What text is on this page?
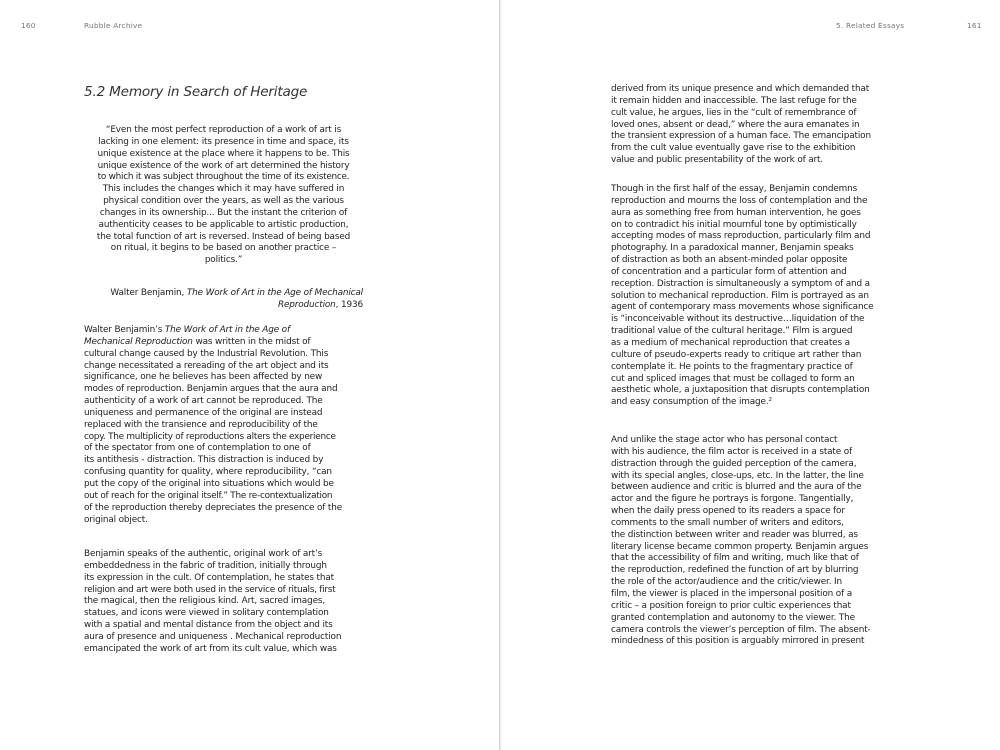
160	Rubble Archive
5.2 Memory in Search of Heritage
“Even the most perfect reproduction of a work of art is
lacking in one element: its presence in time and space, its
unique existence at the place where it happens to be. This
unique existence of the work of art determined the history
to which it was subject throughout the time of its existence.
This includes the changes which it may have suffered in
physical condition over the years, as well as the various
changes in its ownership... But the instant the criterion of
authenticity ceases to be applicable to artistic production,
the total function of art is reversed. Instead of being based
on ritual, it begins to be based on another practice –
politics.”
Walter Benjamin, The Work of Art in the Age of Mechanical
Reproduction, 1936
Walter Benjamin’s The Work of Art in the Age of
Mechanical Reproduction was written in the midst of
cultural change caused by the Industrial Revolution. This
change necessitated a rereading of the art object and its
significance, one he believes has been affected by new
modes of reproduction. Benjamin argues that the aura and
authenticity of a work of art cannot be reproduced. The
uniqueness and permanence of the original are instead
replaced with the transience and reproducibility of the
copy. The multiplicity of reproductions alters the experience
of the spectator from one of contemplation to one of
its antithesis - distraction. This distraction is induced by
confusing quantity for quality, where reproducibility, “can
put the copy of the original into situations which would be
out of reach for the original itself.” The re-contextualization
of the reproduction thereby depreciates the presence of the
original object.
Benjamin speaks of the authentic, original work of art’s
embeddedness in the fabric of tradition, initially through
its expression in the cult. Of contemplation, he states that
religion and art were both used in the service of rituals, first
the magical, then the religious kind. Art, sacred images,
statues, and icons were viewed in solitary contemplation
with a spatial and mental distance from the object and its
aura of presence and uniqueness . Mechanical reproduction
emancipated the work of art from its cult value, which was
5. Related Essays	161
derived from its unique presence and which demanded that
it remain hidden and inaccessible. The last refuge for the
cult value, he argues, lies in the “cult of remembrance of
loved ones, absent or dead,” where the aura emanates in
the transient expression of a human face. The emancipation
from the cult value eventually gave rise to the exhibition
value and public presentability of the work of art.
Though in the first half of the essay, Benjamin condemns
reproduction and mourns the loss of contemplation and the
aura as something free from human intervention, he goes
on to contradict his initial mournful tone by optimistically
accepting modes of mass reproduction, particularly film and
photography. In a paradoxical manner, Benjamin speaks
of distraction as both an absent-minded polar opposite
of concentration and a particular form of attention and
reception. Distraction is simultaneously a symptom of and a
solution to mechanical reproduction. Film is portrayed as an
agent of contemporary mass movements whose significance
is “inconceivable without its destructive…liquidation of the
traditional value of the cultural heritage.” Film is argued
as a medium of mechanical reproduction that creates a
culture of pseudo-experts ready to critique art rather than
contemplate it. He points to the fragmentary practice of
cut and spliced images that must be collaged to form an
aesthetic whole, a juxtaposition that disrupts contemplation
and easy consumption of the image.$^2$
And unlike the stage actor who has personal contact
with his audience, the film actor is received in a state of
distraction through the guided perception of the camera,
with its special angles, close-ups, etc. In the latter, the line
between audience and critic is blurred and the aura of the
actor and the figure he portrays is forgone. Tangentially,
when the daily press opened to its readers a space for
comments to the small number of writers and editors,
the distinction between writer and reader was blurred, as
literary license became common property. Benjamin argues
that the accessibility of film and writing, much like that of
the reproduction, redefined the function of art by blurring
the role of the actor/audience and the critic/viewer. In
film, the viewer is placed in the impersonal position of a
critic – a position foreign to prior cultic experiences that
granted contemplation and autonomy to the viewer. The
camera controls the viewer’s perception of film. The absent-
mindedness of this position is arguably mirrored in present
